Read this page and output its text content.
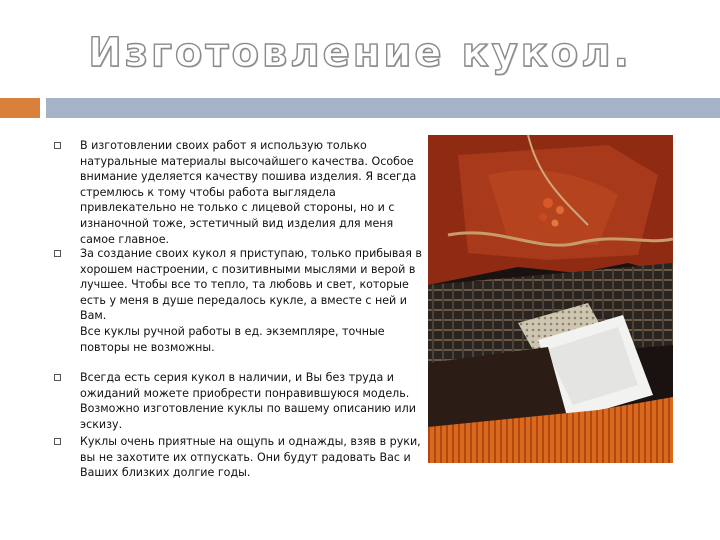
Изготовление кукол.
В изготовлении своих работ я использую только натуральные материалы высочайшего качества. Особое внимание уделяется качеству пошива изделия. Я всегда стремлюсь к тому чтобы работа выглядела привлекательно не только с лицевой стороны, но и с изнаночной тоже, эстетичный вид изделия для меня самое главное.
За создание своих кукол я приступаю, только прибывая в хорошем настроении, с позитивными мыслями и верой в лучшее. Чтобы все то тепло, та любовь и свет, которые есть у меня в душе передалось кукле, а вместе с ней и Вам.
Все куклы ручной работы в ед. экземпляре, точные повторы не возможны.
Всегда есть серия кукол в наличии, и Вы без труда и ожиданий можете приобрести понравившуюся модель. Возможно изготовление куклы по вашему описанию или эскизу.
Куклы очень приятные на ощупь и однажды, взяв в руки, вы не захотите их отпускать. Они будут радовать Вас и Ваших близких долгие годы.
